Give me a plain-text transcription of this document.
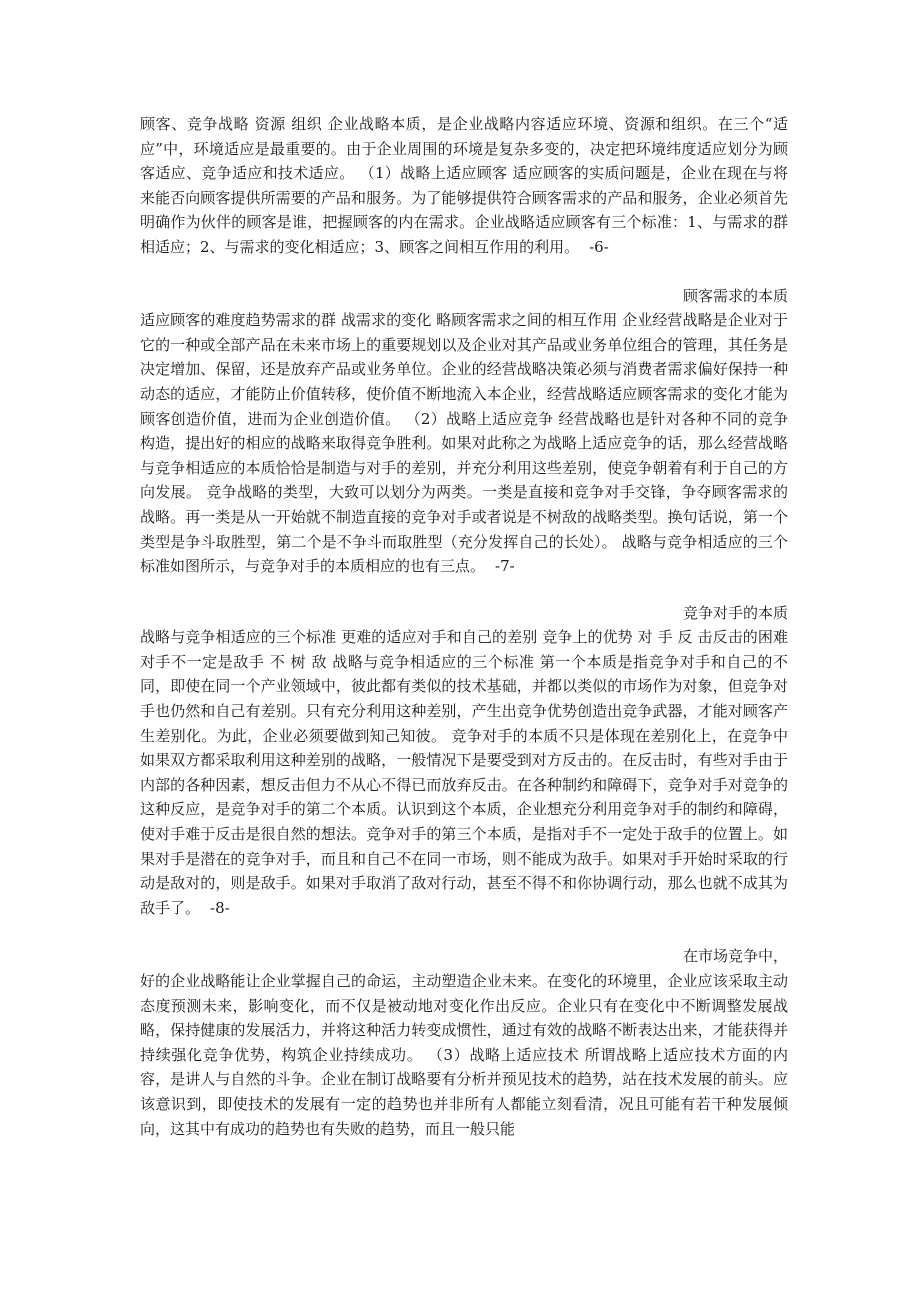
顾客、竞争战略 资源 组织 企业战略本质，是企业战略内容适应环境、资源和组织。在三个“适应”中，环境适应是最重要的。由于企业周围的环境是复杂多变的，决定把环境纬度适应划分为顾客适应、竞争适应和技术适应。 （1）战略上适应顾客 适应顾客的实质问题是，企业在现在与将来能否向顾客提供所需要的产品和服务。为了能够提供符合顾客需求的产品和服务，企业必须首先明确作为伙伴的顾客是谁，把握顾客的内在需求。企业战略适应顾客有三个标准：1、与需求的群相适应；2、与需求的变化相适应；3、顾客之间相互作用的利用。 -6-

顾客需求的本质

适应顾客的难度趋势需求的群 战需求的变化 略顾客需求之间的相互作用 企业经营战略是企业对于它的一种或全部产品在未来市场上的重要规划以及企业对其产品或业务单位组合的管理，其任务是决定增加、保留，还是放弃产品或业务单位。企业的经营战略决策必须与消费者需求偏好保持一种动态的适应，才能防止价值转移，使价值不断地流入本企业，经营战略适应顾客需求的变化才能为顾客创造价值，进而为企业创造价值。 （2）战略上适应竞争 经营战略也是针对各种不同的竞争构造，提出好的相应的战略来取得竞争胜利。如果对此称之为战略上适应竞争的话，那么经营战略与竞争相适应的本质恰恰是制造与对手的差别，并充分利用这些差别，使竞争朝着有利于自己的方向发展。 竞争战略的类型，大致可以划分为两类。一类是直接和竞争对手交锋，争夺顾客需求的战略。再一类是从一开始就不制造直接的竞争对手或者说是不树敌的战略类型。换句话说，第一个类型是争斗取胜型，第二个是不争斗而取胜型（充分发挥自己的长处）。 战略与竞争相适应的三个标准如图所示，与竞争对手的本质相应的也有三点。 -7-

竞争对手的本质

战略与竞争相适应的三个标准 更难的适应对手和自己的差别 竞争上的优势 对 手 反 击反击的困难 对手不一定是敌手 不 树 敌 战略与竞争相适应的三个标准 第一个本质是指竞争对手和自己的不同，即使在同一个产业领域中，彼此都有类似的技术基础，并都以类似的市场作为对象，但竞争对手也仍然和自己有差别。只有充分利用这种差别，产生出竞争优势创造出竞争武器，才能对顾客产生差别化。为此，企业必须要做到知己知彼。 竞争对手的本质不只是体现在差别化上，在竞争中如果双方都采取利用这种差别的战略，一般情况下是要受到对方反击的。在反击时，有些对手由于内部的各种因素，想反击但力不从心不得已而放弃反击。在各种制约和障碍下，竞争对手对竞争的这种反应，是竞争对手的第二个本质。认识到这个本质，企业想充分利用竞争对手的制约和障碍，使对手难于反击是很自然的想法。竞争对手的第三个本质，是指对手不一定处于敌手的位置上。如果对手是潜在的竞争对手，而且和自己不在同一市场，则不能成为敌手。如果对手开始时采取的行动是敌对的，则是敌手。如果对手取消了敌对行动，甚至不得不和你协调行动，那么也就不成其为敌手了。 -8-

在市场竞争中，

好的企业战略能让企业掌握自己的命运，主动塑造企业未来。在变化的环境里，企业应该采取主动态度预测未来，影响变化，而不仅是被动地对变化作出反应。企业只有在变化中不断调整发展战略，保持健康的发展活力，并将这种活力转变成惯性，通过有效的战略不断表达出来，才能获得并持续强化竞争优势，构筑企业持续成功。 （3）战略上适应技术 所谓战略上适应技术方面的内容，是讲人与自然的斗争。企业在制订战略要有分析并预见技术的趋势，站在技术发展的前头。应该意识到，即使技术的发展有一定的趋势也并非所有人都能立刻看清，况且可能有若干种发展倾向，这其中有成功的趋势也有失败的趋势，而且一般只能
